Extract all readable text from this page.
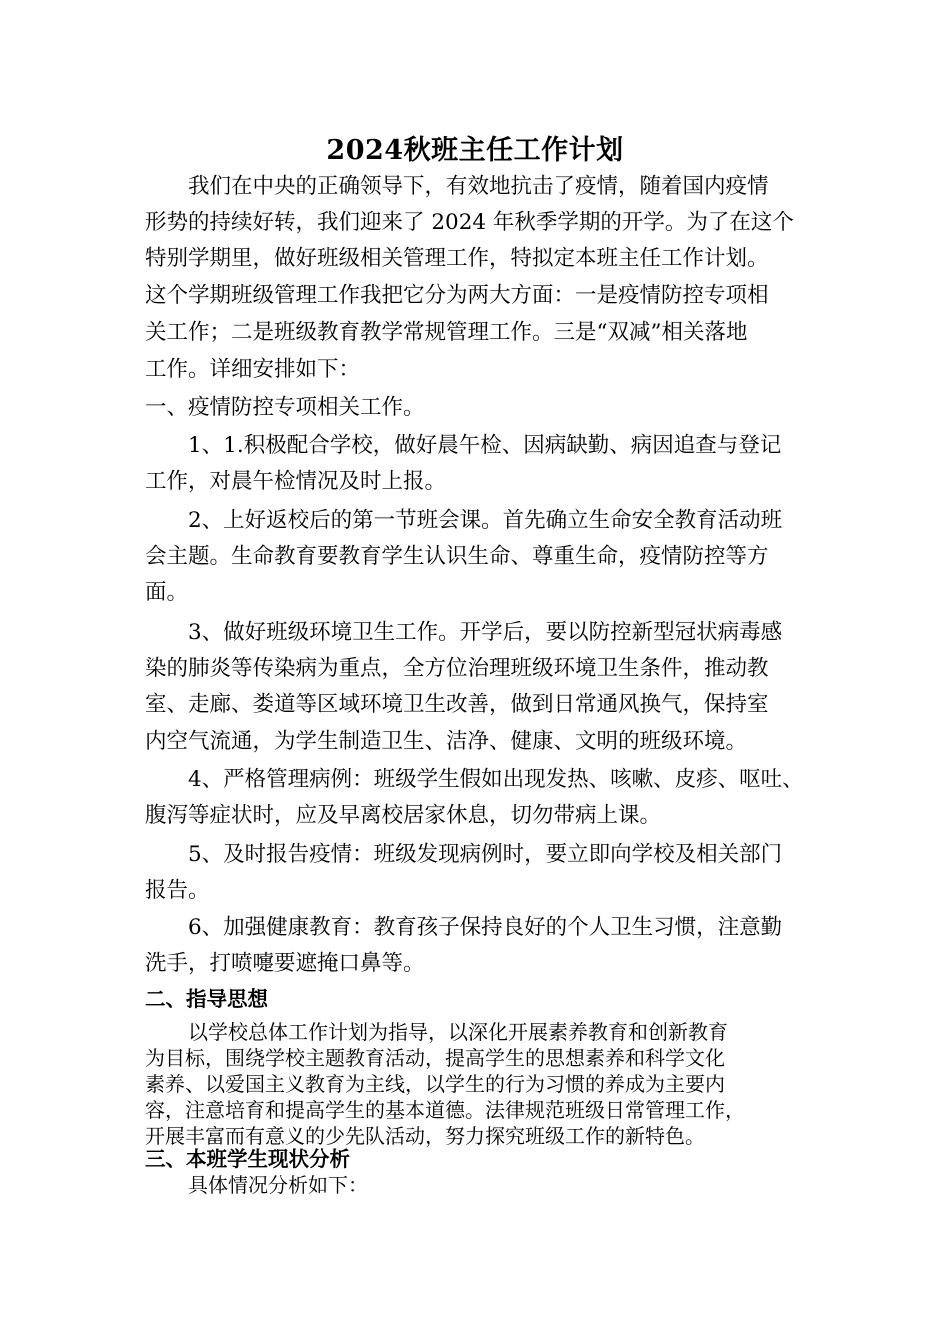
2024秋班主任工作计划
我们在中央的正确领导下，有效地抗击了疫情，随着国内疫情
形势的持续好转，我们迎来了 2024 年秋季学期的开学。为了在这个
特别学期里，做好班级相关管理工作，特拟定本班主任工作计划。
这个学期班级管理工作我把它分为两大方面：一是疫情防控专项相
关工作；二是班级教育教学常规管理工作。三是“双减”相关落地
工作。详细安排如下：
一、疫情防控专项相关工作。
1、1.积极配合学校，做好晨午检、因病缺勤、病因追查与登记
工作，对晨午检情况及时上报。
2、上好返校后的第一节班会课。首先确立生命安全教育活动班
会主题。生命教育要教育学生认识生命、尊重生命，疫情防控等方
面。
3、做好班级环境卫生工作。开学后，要以防控新型冠状病毒感
染的肺炎等传染病为重点，全方位治理班级环境卫生条件，推动教
室、走廊、娄道等区域环境卫生改善，做到日常通风换气，保持室
内空气流通，为学生制造卫生、洁净、健康、文明的班级环境。
4、严格管理病例：班级学生假如出现发热、咳嗽、皮疹、呕吐、
腹泻等症状时，应及早离校居家休息，切勿带病上课。
5、及时报告疫情：班级发现病例时，要立即向学校及相关部门
报告。
6、加强健康教育：教育孩子保持良好的个人卫生习惯，注意勤
洗手，打喷嚏要遮掩口鼻等。
二、指导思想
以学校总体工作计划为指导，以深化开展素养教育和创新教育
为目标，围绕学校主题教育活动，提高学生的思想素养和科学文化
素养、以爱国主义教育为主线，以学生的行为习惯的养成为主要内
容，注意培育和提高学生的基本道德。法律规范班级日常管理工作，
开展丰富而有意义的少先队活动，努力探究班级工作的新特色。
三、本班学生现状分析
具体情况分析如下：
